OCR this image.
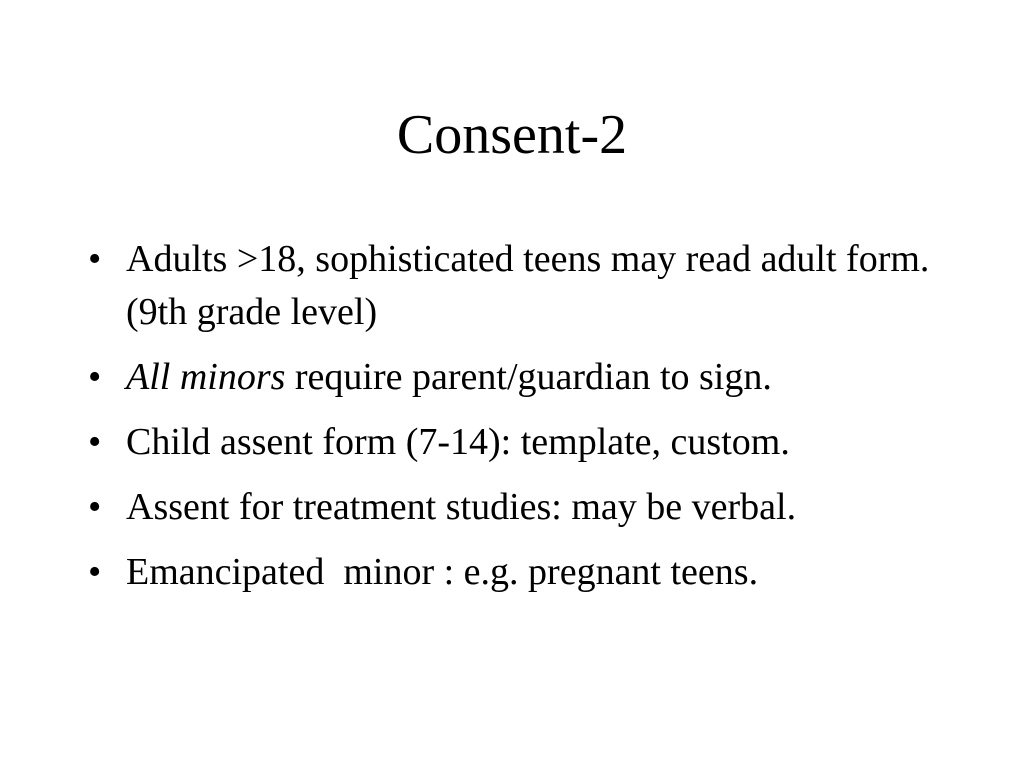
Consent-2
• Adults >18, sophisticated teens may read adult form. (9th grade level)
• All minors require parent/guardian to sign.
• Child assent form (7-14): template, custom.
• Assent for treatment studies: may be verbal.
• Emancipated  minor : e.g. pregnant teens.
